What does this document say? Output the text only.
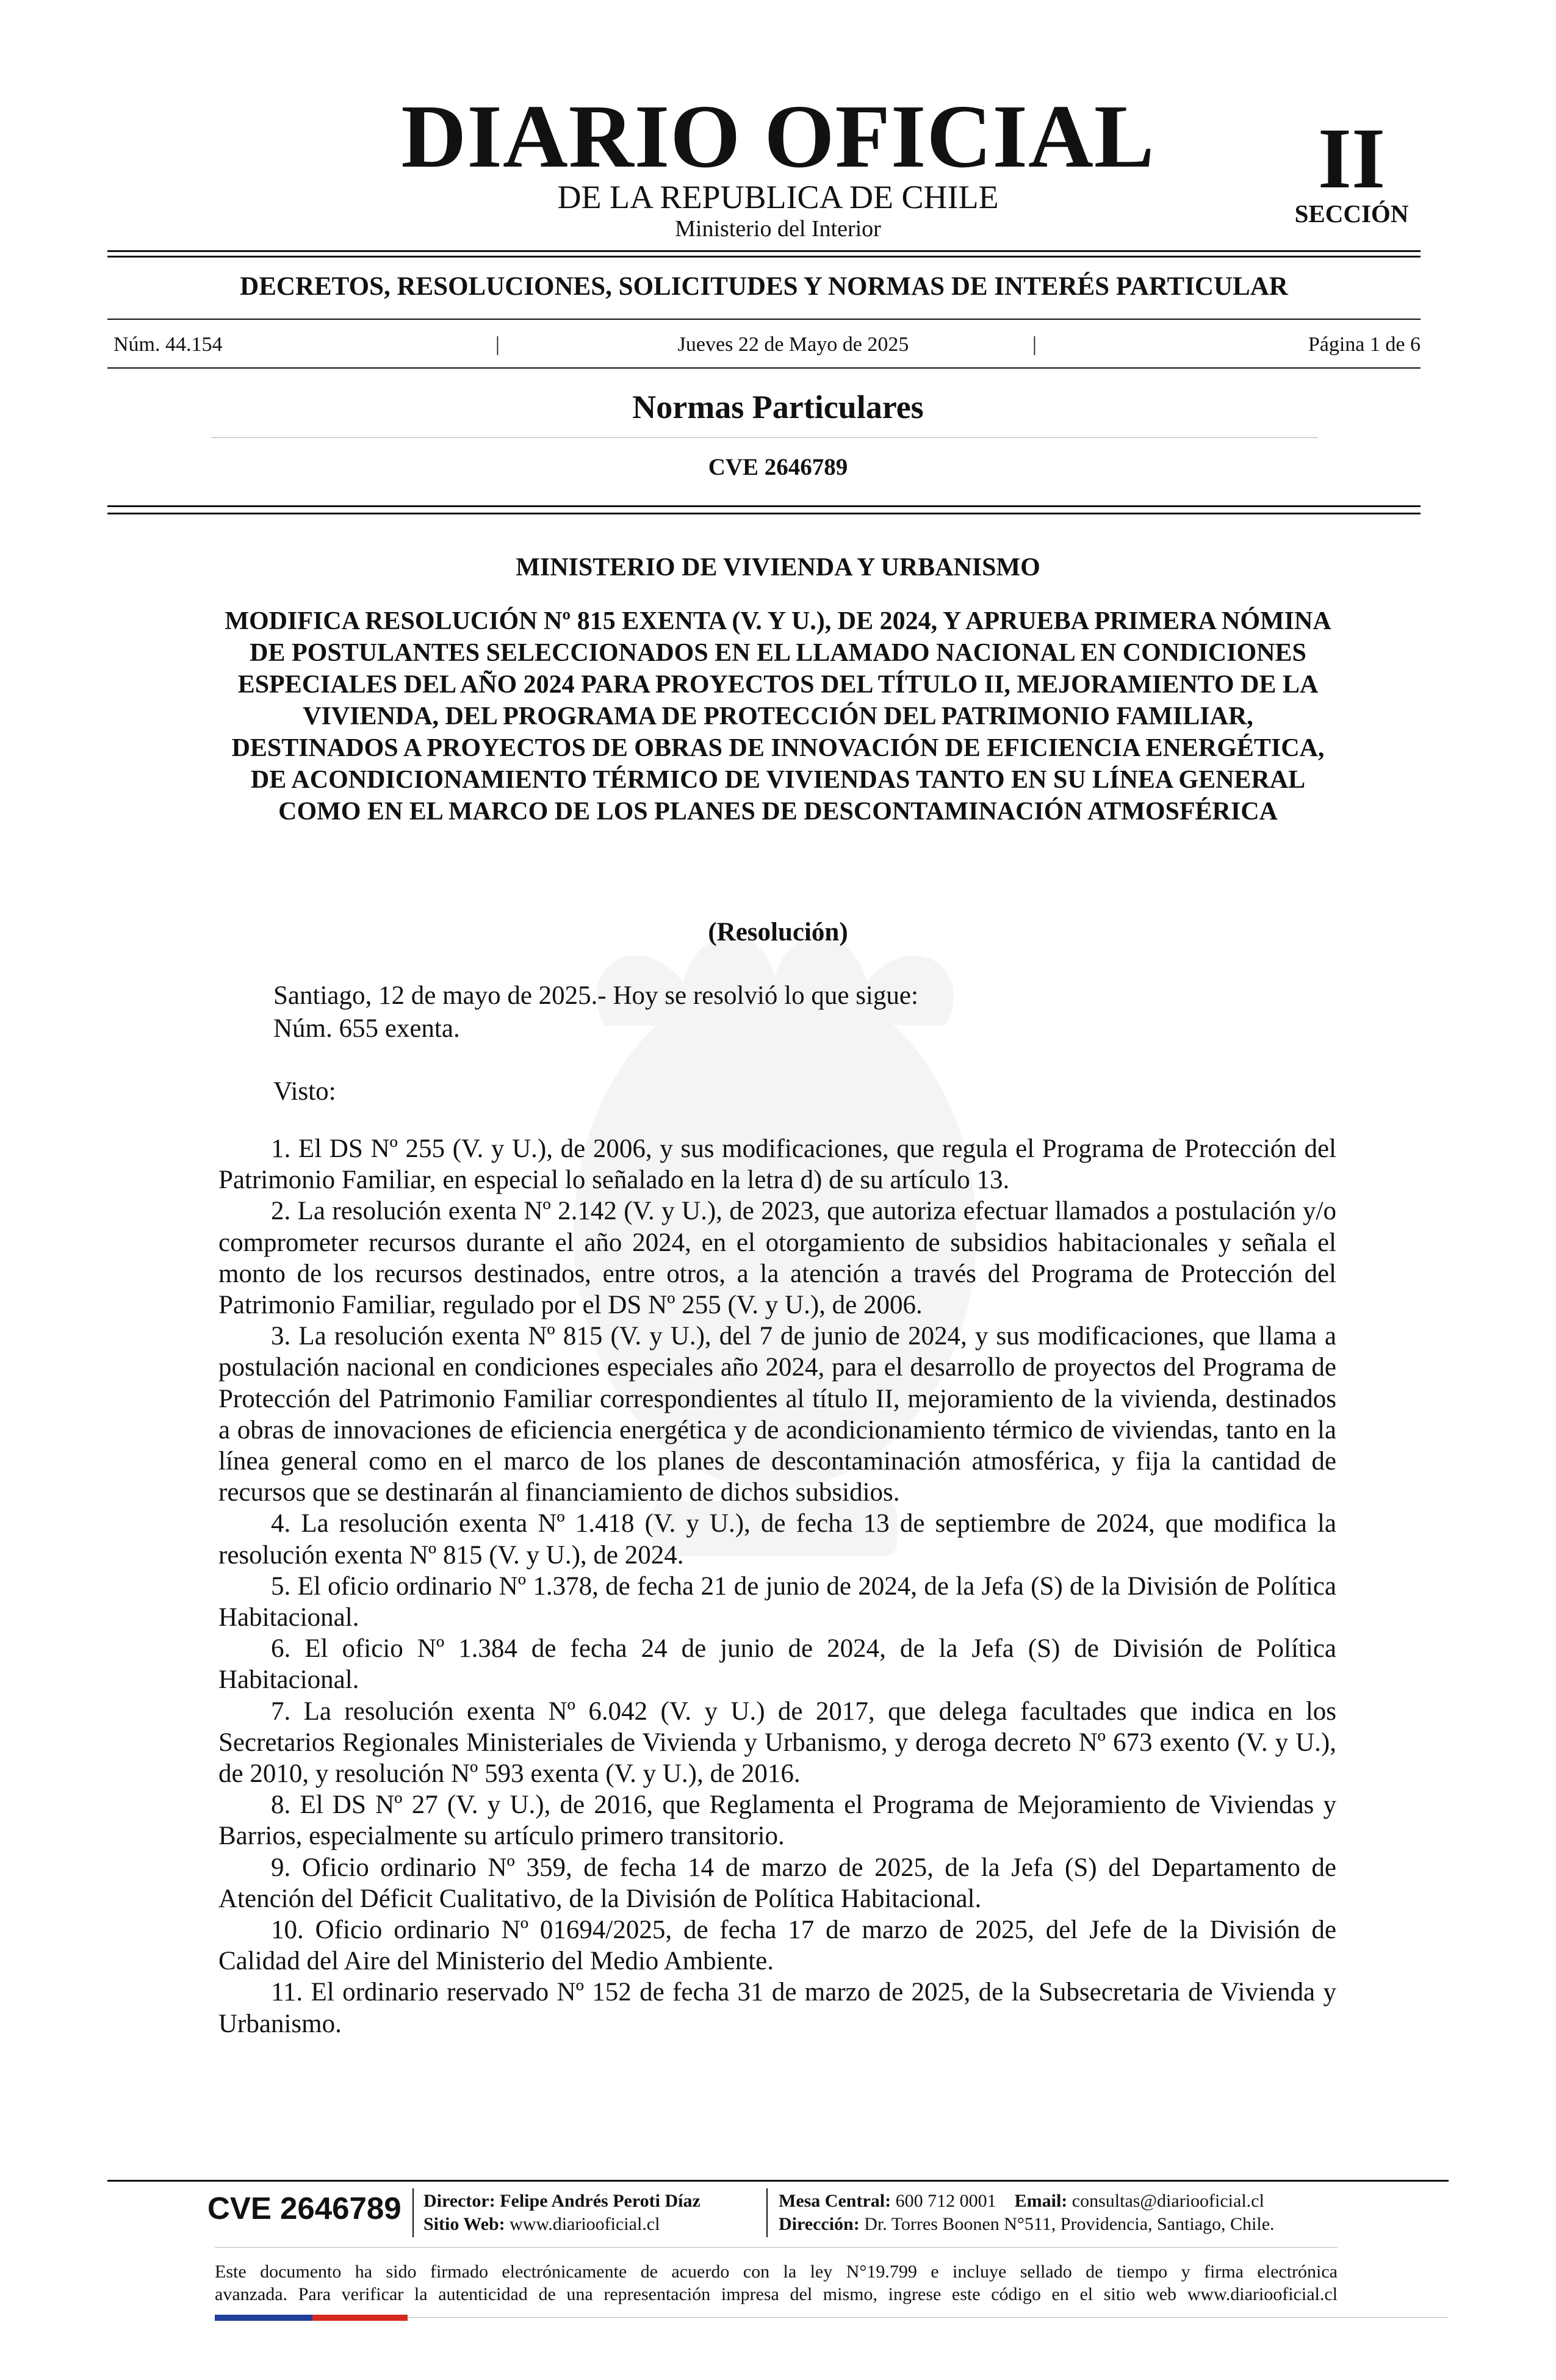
DIARIO OFICIAL
DE LA REPUBLICA DE CHILE
Ministerio del Interior
II
SECCIÓN
DECRETOS, RESOLUCIONES, SOLICITUDES Y NORMAS DE INTERÉS PARTICULAR
Núm. 44.154	|	Jueves 22 de Mayo de 2025	|	Página 1 de 6
Normas Particulares
CVE 2646789
MINISTERIO DE VIVIENDA Y URBANISMO
MODIFICA RESOLUCIÓN Nº 815 EXENTA (V. Y U.), DE 2024, Y APRUEBA PRIMERA NÓMINA DE POSTULANTES SELECCIONADOS EN EL LLAMADO NACIONAL EN CONDICIONES ESPECIALES DEL AÑO 2024 PARA PROYECTOS DEL TÍTULO II, MEJORAMIENTO DE LA VIVIENDA, DEL PROGRAMA DE PROTECCIÓN DEL PATRIMONIO FAMILIAR, DESTINADOS A PROYECTOS DE OBRAS DE INNOVACIÓN DE EFICIENCIA ENERGÉTICA, DE ACONDICIONAMIENTO TÉRMICO DE VIVIENDAS TANTO EN SU LÍNEA GENERAL COMO EN EL MARCO DE LOS PLANES DE DESCONTAMINACIÓN ATMOSFÉRICA
(Resolución)
Santiago, 12 de mayo de 2025.- Hoy se resolvió lo que sigue:
Núm. 655 exenta.
Visto:

1. El DS Nº 255 (V. y U.), de 2006, y sus modificaciones, que regula el Programa de Protección del Patrimonio Familiar, en especial lo señalado en la letra d) de su artículo 13.

2. La resolución exenta Nº 2.142 (V. y U.), de 2023, que autoriza efectuar llamados a postulación y/o comprometer recursos durante el año 2024, en el otorgamiento de subsidios habitacionales y señala el monto de los recursos destinados, entre otros, a la atención a través del Programa de Protección del Patrimonio Familiar, regulado por el DS Nº 255 (V. y U.), de 2006.

3. La resolución exenta Nº 815 (V. y U.), del 7 de junio de 2024, y sus modificaciones, que llama a postulación nacional en condiciones especiales año 2024, para el desarrollo de proyectos del Programa de Protección del Patrimonio Familiar correspondientes al título II, mejoramiento de la vivienda, destinados a obras de innovaciones de eficiencia energética y de acondicionamiento térmico de viviendas, tanto en la línea general como en el marco de los planes de descontaminación atmosférica, y fija la cantidad de recursos que se destinarán al financiamiento de dichos subsidios.

4. La resolución exenta Nº 1.418 (V. y U.), de fecha 13 de septiembre de 2024, que modifica la resolución exenta Nº 815 (V. y U.), de 2024.

5. El oficio ordinario Nº 1.378, de fecha 21 de junio de 2024, de la Jefa (S) de la División de Política Habitacional.

6. El oficio Nº 1.384 de fecha 24 de junio de 2024, de la Jefa (S) de División de Política Habitacional.

7. La resolución exenta Nº 6.042 (V. y U.) de 2017, que delega facultades que indica en los Secretarios Regionales Ministeriales de Vivienda y Urbanismo, y deroga decreto Nº 673 exento (V. y U.), de 2010, y resolución Nº 593 exenta (V. y U.), de 2016.

8. El DS Nº 27 (V. y U.), de 2016, que Reglamenta el Programa de Mejoramiento de Viviendas y Barrios, especialmente su artículo primero transitorio.

9. Oficio ordinario Nº 359, de fecha 14 de marzo de 2025, de la Jefa (S) del Departamento de Atención del Déficit Cualitativo, de la División de Política Habitacional.

10. Oficio ordinario Nº 01694/2025, de fecha 17 de marzo de 2025, del Jefe de la División de Calidad del Aire del Ministerio del Medio Ambiente.

11. El ordinario reservado Nº 152 de fecha 31 de marzo de 2025, de la Subsecretaria de Vivienda y Urbanismo.

CVE 2646789 Director: Felipe Andrés Peroti Díaz
Sitio Web: www.diariooficial.cl
Mesa Central: 600 712 0001 Email: consultas@diariooficial.cl
Dirección: Dr. Torres Boonen N°511, Providencia, Santiago, Chile.
Este documento ha sido firmado electrónicamente de acuerdo con la ley N°19.799 e incluye sellado de tiempo y firma electrónica
avanzada. Para verificar la autenticidad de una representación impresa del mismo, ingrese este código en el sitio web www.diariooficial.cl
